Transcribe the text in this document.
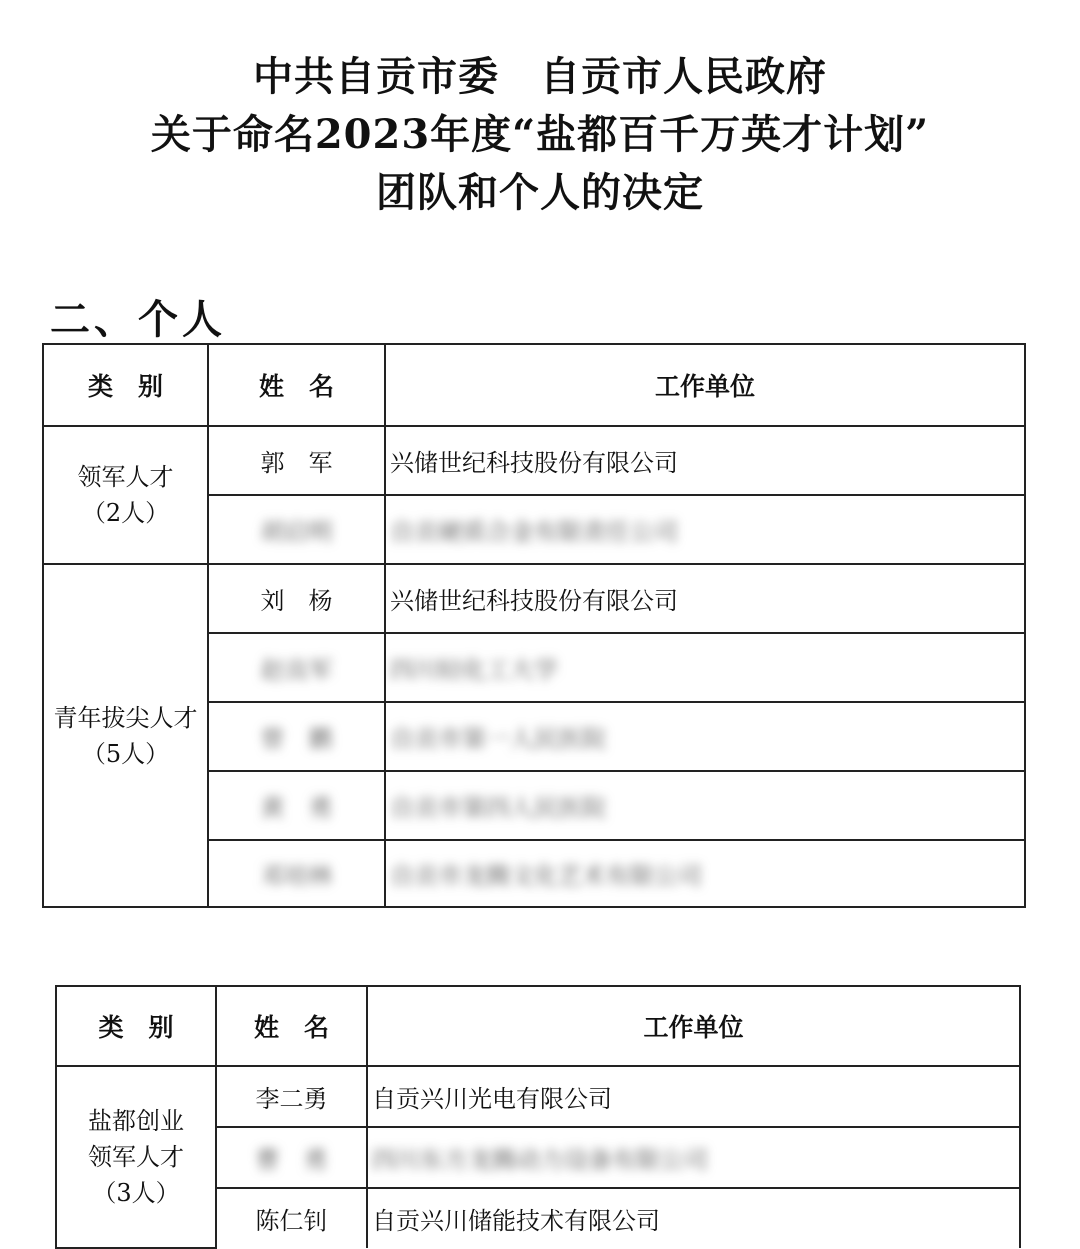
中共自贡市委　自贡市人民政府
关于命名2023年度“盐都百千万英才计划”
团队和个人的决定
二、个人
类　别	姓　名	工作单位

领军人才
（2人）	郭　军	兴储世纪科技股份有限公司
	胡启明	自贡硬质合金有限责任公司

青年拔尖人才
（5人）	刘　杨	兴储世纪科技股份有限公司
	赵良军	四川轻化工大学
	曾　鹏	自贡市第一人民医院
	黄　勇	自贡市第四人民医院
	邓培林	自贡市龙腾文化艺术有限公司
类　别	姓　名	工作单位

盐都创业
领军人才
（3人）	李二勇	自贡兴川光电有限公司
	曹　勇	四川东方龙腾动力设备有限公司
	陈仁钊	自贡兴川储能技术有限公司
